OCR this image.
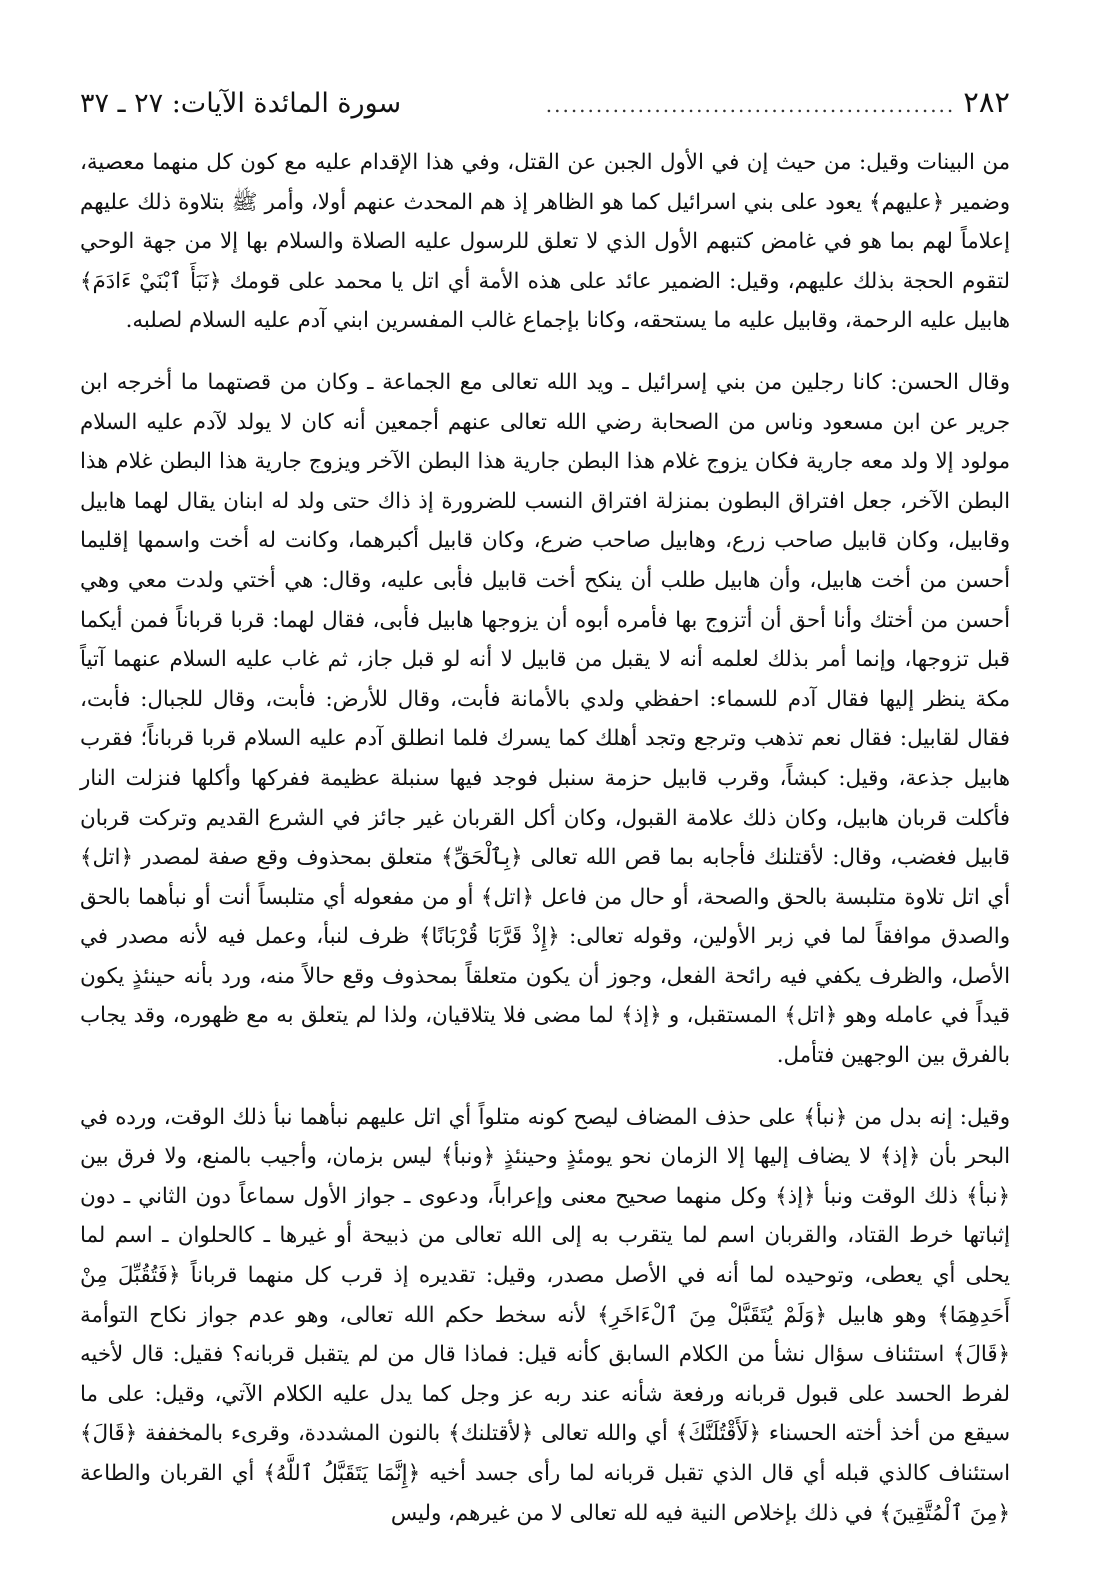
٢٨٢
.................................................
سورة المائدة الآيات: ٢٧ ـ ٣٧

من البينات وقيل: من حيث إن في الأول الجبن عن القتل، وفي هذا الإقدام عليه مع كون كل منهما معصية، وضمير ﴿عليهم﴾ يعود على بني اسرائيل كما هو الظاهر إذ هم المحدث عنهم أولا، وأمر ﷺ بتلاوة ذلك عليهم إعلاماً لهم بما هو في غامض كتبهم الأول الذي لا تعلق للرسول عليه الصلاة والسلام بها إلا من جهة الوحي لتقوم الحجة بذلك عليهم، وقيل: الضمير عائد على هذه الأمة أي اتل يا محمد على قومك ﴿نَبَأَ ٱبْنَيْ ءَادَمَ﴾ هابيل عليه الرحمة، وقابيل عليه ما يستحقه، وكانا بإجماع غالب المفسرين ابني آدم عليه السلام لصلبه.

وقال الحسن: كانا رجلين من بني إسرائيل ـ ويد الله تعالى مع الجماعة ـ وكان من قصتهما ما أخرجه ابن جرير عن ابن مسعود وناس من الصحابة رضي الله تعالى عنهم أجمعين أنه كان لا يولد لآدم عليه السلام مولود إلا ولد معه جارية فكان يزوج غلام هذا البطن جارية هذا البطن الآخر ويزوج جارية هذا البطن غلام هذا البطن الآخر، جعل افتراق البطون بمنزلة افتراق النسب للضرورة إذ ذاك حتى ولد له ابنان يقال لهما هابيل وقابيل، وكان قابيل صاحب زرع، وهابيل صاحب ضرع، وكان قابيل أكبرهما، وكانت له أخت واسمها إقليما أحسن من أخت هابيل، وأن هابيل طلب أن ينكح أخت قابيل فأبى عليه، وقال: هي أختي ولدت معي وهي أحسن من أختك وأنا أحق أن أتزوج بها فأمره أبوه أن يزوجها هابيل فأبى، فقال لهما: قربا قرباناً فمن أيكما قبل تزوجها، وإنما أمر بذلك لعلمه أنه لا يقبل من قابيل لا أنه لو قبل جاز، ثم غاب عليه السلام عنهما آتياً مكة ينظر إليها فقال آدم للسماء: احفظي ولدي بالأمانة فأبت، وقال للأرض: فأبت، وقال للجبال: فأبت، فقال لقابيل: فقال نعم تذهب وترجع وتجد أهلك كما يسرك فلما انطلق آدم عليه السلام قربا قرباناً؛ فقرب هابيل جذعة، وقيل: كبشاً، وقرب قابيل حزمة سنبل فوجد فيها سنبلة عظيمة ففركها وأكلها فنزلت النار فأكلت قربان هابيل، وكان ذلك علامة القبول، وكان أكل القربان غير جائز في الشرع القديم وتركت قربان قابيل فغضب، وقال: لأقتلنك فأجابه بما قص الله تعالى ﴿بِٱلْحَقِّ﴾ متعلق بمحذوف وقع صفة لمصدر ﴿اتل﴾ أي اتل تلاوة متلبسة بالحق والصحة، أو حال من فاعل ﴿اتل﴾ أو من مفعوله أي متلبساً أنت أو نبأهما بالحق والصدق موافقاً لما في زبر الأولين، وقوله تعالى: ﴿إِذْ قَرَّبَا قُرْبَانًا﴾ ظرف لنبأ، وعمل فيه لأنه مصدر في الأصل، والظرف يكفي فيه رائحة الفعل، وجوز أن يكون متعلقاً بمحذوف وقع حالاً منه، ورد بأنه حينئذٍ يكون قيداً في عامله وهو ﴿اتل﴾ المستقبل، و ﴿إذ﴾ لما مضى فلا يتلاقيان، ولذا لم يتعلق به مع ظهوره، وقد يجاب بالفرق بين الوجهين فتأمل.

وقيل: إنه بدل من ﴿نبأ﴾ على حذف المضاف ليصح كونه متلواً أي اتل عليهم نبأهما نبأ ذلك الوقت، ورده في البحر بأن ﴿إذ﴾ لا يضاف إليها إلا الزمان نحو يومئذٍ وحينئذٍ ﴿ونبأ﴾ ليس بزمان، وأجيب بالمنع، ولا فرق بين ﴿نبأ﴾ ذلك الوقت ونبأ ﴿إذ﴾ وكل منهما صحيح معنى وإعراباً، ودعوى ـ جواز الأول سماعاً دون الثاني ـ دون إثباتها خرط القتاد، والقربان اسم لما يتقرب به إلى الله تعالى من ذبيحة أو غيرها ـ كالحلوان ـ اسم لما يحلى أي يعطى، وتوحيده لما أنه في الأصل مصدر، وقيل: تقديره إذ قرب كل منهما قرباناً ﴿فَتُقُبِّلَ مِنْ أَحَدِهِمَا﴾ وهو هابيل ﴿وَلَمْ يُتَقَبَّلْ مِنَ ٱلْءَاخَرِ﴾ لأنه سخط حكم الله تعالى، وهو عدم جواز نكاح التوأمة ﴿قَالَ﴾ استئناف سؤال نشأ من الكلام السابق كأنه قيل: فماذا قال من لم يتقبل قربانه؟ فقيل: قال لأخيه لفرط الحسد على قبول قربانه ورفعة شأنه عند ربه عز وجل كما يدل عليه الكلام الآتي، وقيل: على ما سيقع من أخذ أخته الحسناء ﴿لَأَقْتُلَنَّكَ﴾ أي والله تعالى ﴿لأقتلنك﴾ بالنون المشددة، وقرىء بالمخففة ﴿قَالَ﴾ استئناف كالذي قبله أي قال الذي تقبل قربانه لما رأى جسد أخيه ﴿إِنَّمَا يَتَقَبَّلُ ٱللَّهُ﴾ أي القربان والطاعة ﴿مِنَ ٱلْمُتَّقِينَ﴾ في ذلك بإخلاص النية فيه لله تعالى لا من غيرهم، وليس
